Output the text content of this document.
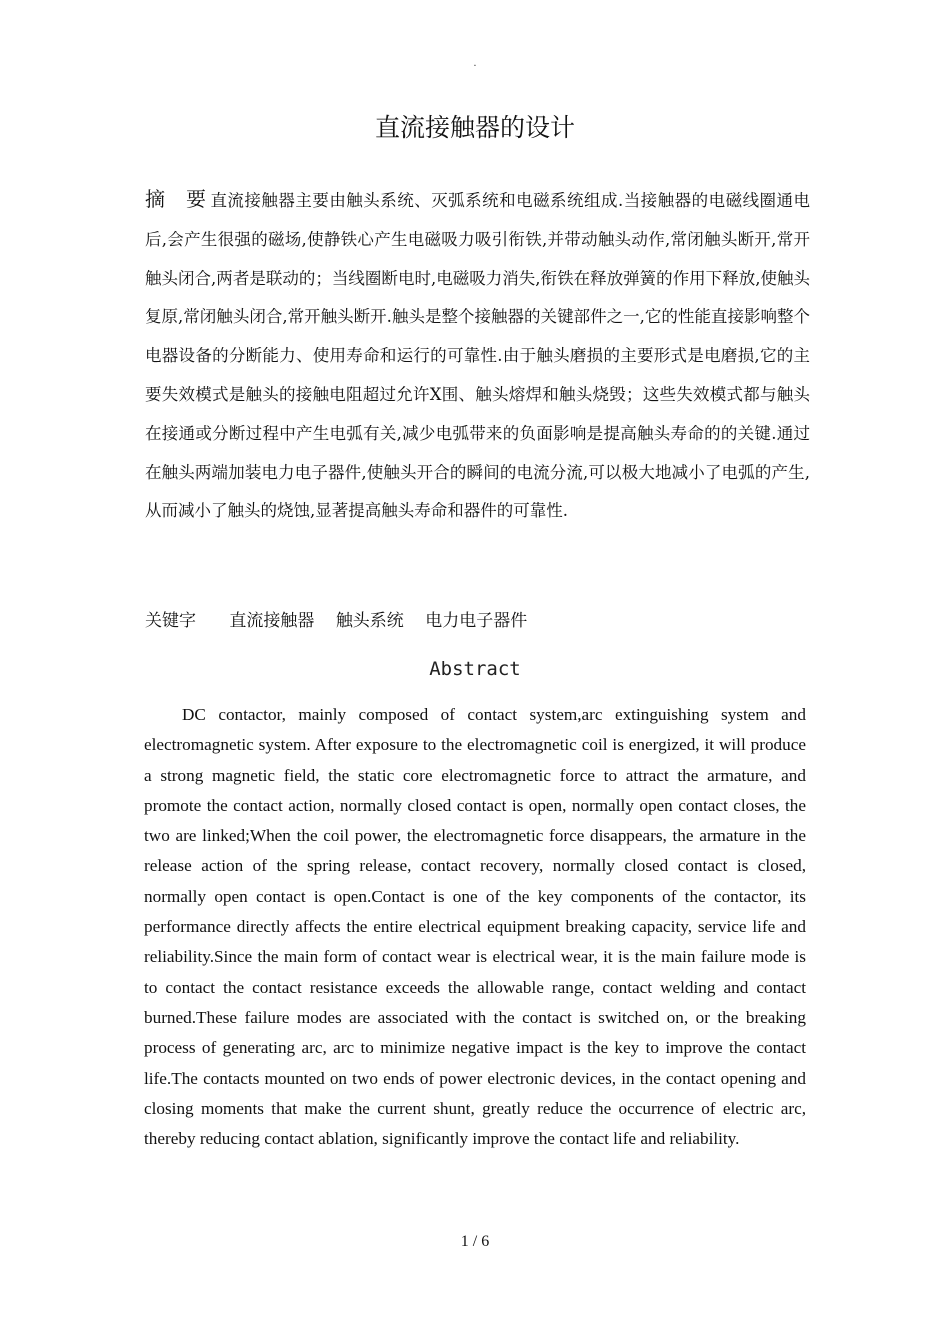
.
直流接触器的设计

摘　要 直流接触器主要由触头系统、灭弧系统和电磁系统组成.当接触器的电磁线圈通电后,会产生很强的磁场,使静铁心产生电磁吸力吸引衔铁,并带动触头动作,常闭触头断开,常开触头闭合,两者是联动的；当线圈断电时,电磁吸力消失,衔铁在释放弹簧的作用下释放,使触头复原,常闭触头闭合,常开触头断开.触头是整个接触器的关键部件之一,它的性能直接影响整个电器设备的分断能力、使用寿命和运行的可靠性.由于触头磨损的主要形式是电磨损,它的主要失效模式是触头的接触电阻超过允许X围、触头熔焊和触头烧毁；这些失效模式都与触头在接通或分断过程中产生电弧有关,减少电弧带来的负面影响是提高触头寿命的的关键.通过在触头两端加装电力电子器件,使触头开合的瞬间的电流分流,可以极大地减小了电弧的产生,从而减小了触头的烧蚀,显著提高触头寿命和器件的可靠性.

关键字 直流接触器 触头系统 电力电子器件

Abstract

DC contactor, mainly composed of contact system,arc extinguishing system and electromagnetic system. After exposure to the electromagnetic coil is energized, it will produce a strong magnetic field, the static core electromagnetic force to attract the armature, and promote the contact action, normally closed contact is open, normally open contact closes, the two are linked;When the coil power, the electromagnetic force disappears, the armature in the release action of the spring release, contact recovery, normally closed contact is closed, normally open contact is open.Contact is one of the key components of the contactor, its performance directly affects the entire electrical equipment breaking capacity, service life and reliability.Since the main form of contact wear is electrical wear, it is the main failure mode is to contact the contact resistance exceeds the allowable range, contact welding and contact burned.These failure modes are associated with the contact is switched on, or the breaking process of generating arc, arc to minimize negative impact is the key to improve the contact life.The contacts mounted on two ends of power electronic devices, in the contact opening and closing moments that make the current shunt, greatly reduce the occurrence of electric arc, thereby reducing contact ablation, significantly improve the contact life and reliability.

1 / 6
